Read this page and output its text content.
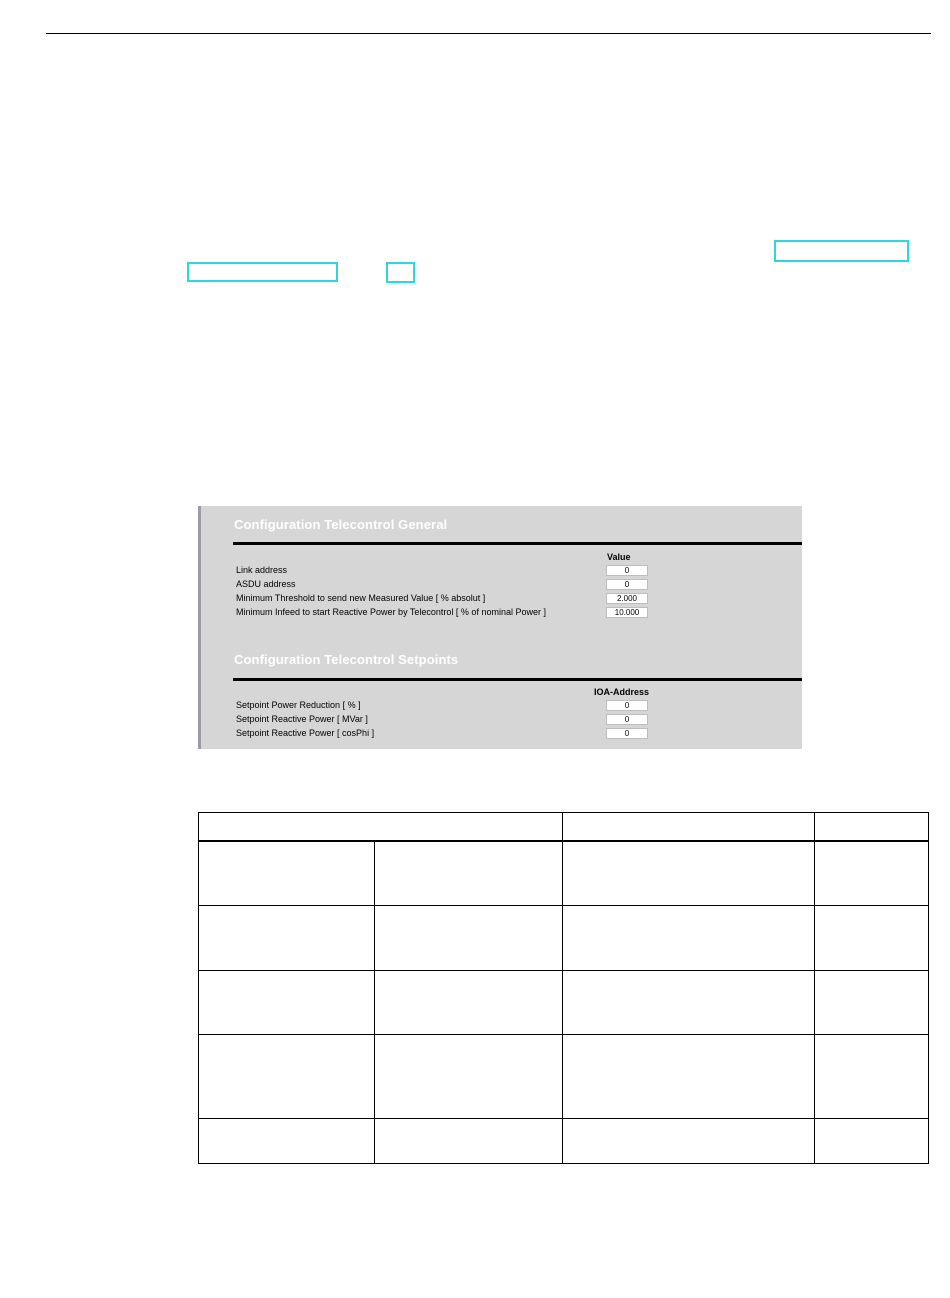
Configuration Telecontrol General
Value
Link address	0
ASDU address	0
Minimum Threshold to send new Measured Value [ % absolut ]	2.000
Minimum Infeed to start Reactive Power by Telecontrol [ % of nominal Power ]	10.000
Configuration Telecontrol Setpoints
IOA-Address
Setpoint Power Reduction [ % ]	0
Setpoint Reactive Power [ MVar ]	0
Setpoint Reactive Power [ cosPhi ]	0
